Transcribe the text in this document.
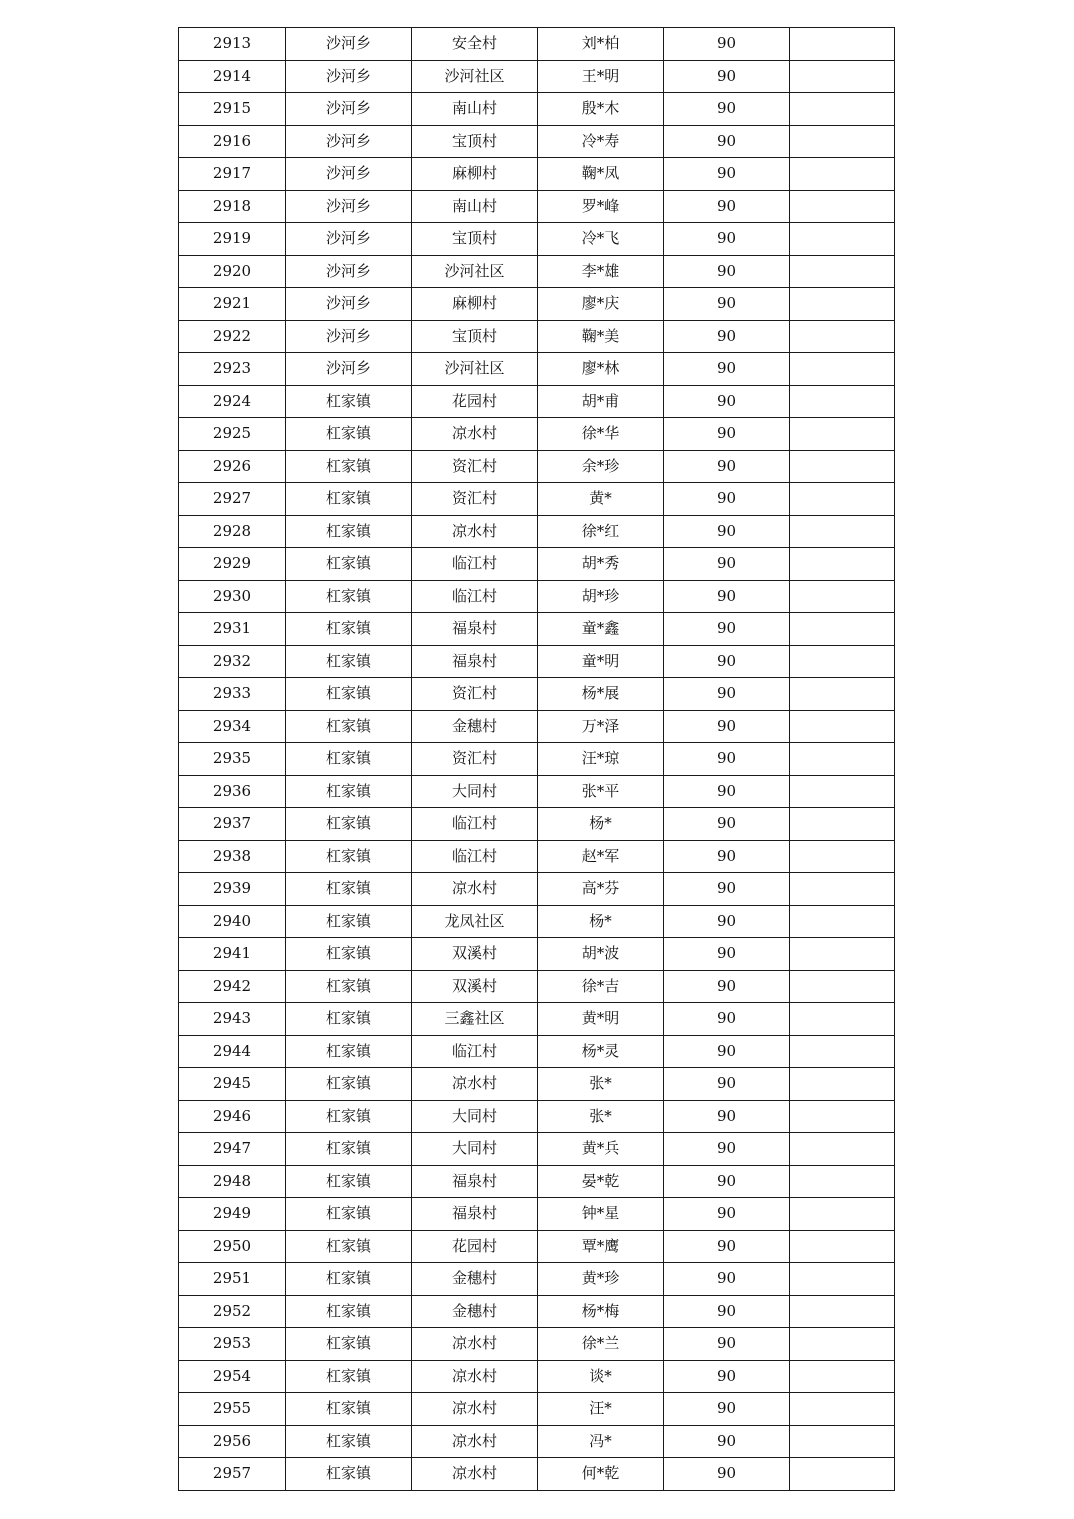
2913	沙河乡	安全村	刘*柏	90	
2914	沙河乡	沙河社区	王*明	90	
2915	沙河乡	南山村	殷*木	90	
2916	沙河乡	宝顶村	冷*寿	90	
2917	沙河乡	麻柳村	鞠*凤	90	
2918	沙河乡	南山村	罗*峰	90	
2919	沙河乡	宝顶村	冷*飞	90	
2920	沙河乡	沙河社区	李*雄	90	
2921	沙河乡	麻柳村	廖*庆	90	
2922	沙河乡	宝顶村	鞠*美	90	
2923	沙河乡	沙河社区	廖*林	90	
2924	杠家镇	花园村	胡*甫	90	
2925	杠家镇	凉水村	徐*华	90	
2926	杠家镇	资汇村	余*珍	90	
2927	杠家镇	资汇村	黄*	90	
2928	杠家镇	凉水村	徐*红	90	
2929	杠家镇	临江村	胡*秀	90	
2930	杠家镇	临江村	胡*珍	90	
2931	杠家镇	福泉村	童*鑫	90	
2932	杠家镇	福泉村	童*明	90	
2933	杠家镇	资汇村	杨*展	90	
2934	杠家镇	金穗村	万*泽	90	
2935	杠家镇	资汇村	汪*琼	90	
2936	杠家镇	大同村	张*平	90	
2937	杠家镇	临江村	杨*	90	
2938	杠家镇	临江村	赵*军	90	
2939	杠家镇	凉水村	高*芬	90	
2940	杠家镇	龙凤社区	杨*	90	
2941	杠家镇	双溪村	胡*波	90	
2942	杠家镇	双溪村	徐*吉	90	
2943	杠家镇	三鑫社区	黄*明	90	
2944	杠家镇	临江村	杨*灵	90	
2945	杠家镇	凉水村	张*	90	
2946	杠家镇	大同村	张*	90	
2947	杠家镇	大同村	黄*兵	90	
2948	杠家镇	福泉村	晏*乾	90	
2949	杠家镇	福泉村	钟*星	90	
2950	杠家镇	花园村	覃*鹰	90	
2951	杠家镇	金穗村	黄*珍	90	
2952	杠家镇	金穗村	杨*梅	90	
2953	杠家镇	凉水村	徐*兰	90	
2954	杠家镇	凉水村	谈*	90	
2955	杠家镇	凉水村	汪*	90	
2956	杠家镇	凉水村	冯*	90	
2957	杠家镇	凉水村	何*乾	90	
